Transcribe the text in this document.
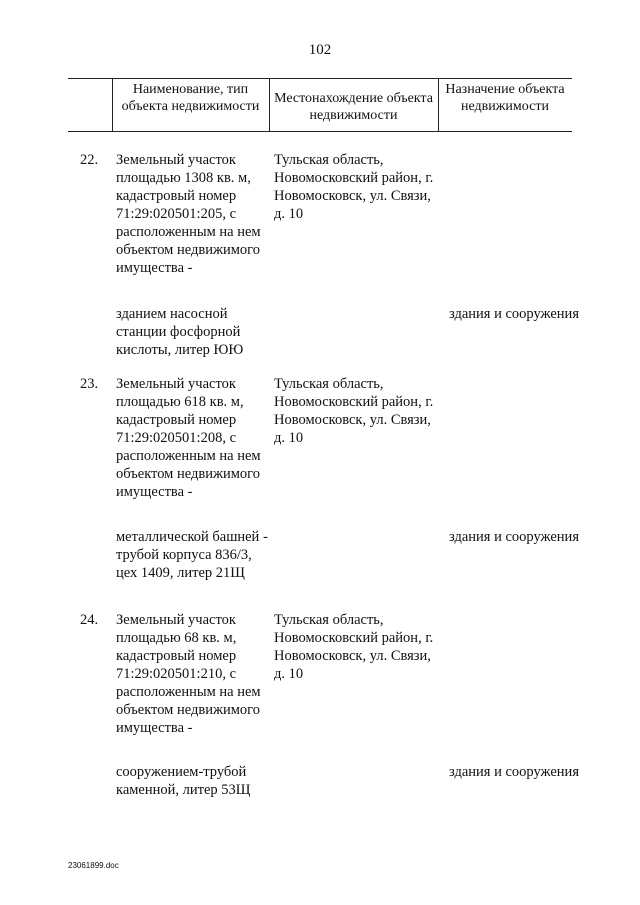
102
Наименование, тип объекта недвижимости
Местонахождение объекта недвижимости
Назначение объекта недвижимости
22. Земельный участок площадью 1308 кв. м, кадастровый номер 71:29:020501:205, с расположенным на нем объектом недвижимого имущества -
Тульская область, Новомосковский район, г. Новомосковск, ул. Связи, д. 10
зданием насосной станции фосфорной кислоты, литер ЮЮ
здания и сооружения
23. Земельный участок площадью 618 кв. м, кадастровый номер 71:29:020501:208, с расположенным на нем объектом недвижимого имущества -
Тульская область, Новомосковский район, г. Новомосковск, ул. Связи, д. 10
металлической башней - трубой корпуса 836/3, цех 1409, литер 21Щ
здания и сооружения
24. Земельный участок площадью 68 кв. м, кадастровый номер 71:29:020501:210, с расположенным на нем объектом недвижимого имущества -
Тульская область, Новомосковский район, г. Новомосковск, ул. Связи, д. 10
сооружением-трубой каменной, литер 53Щ
здания и сооружения
23061899.doc
